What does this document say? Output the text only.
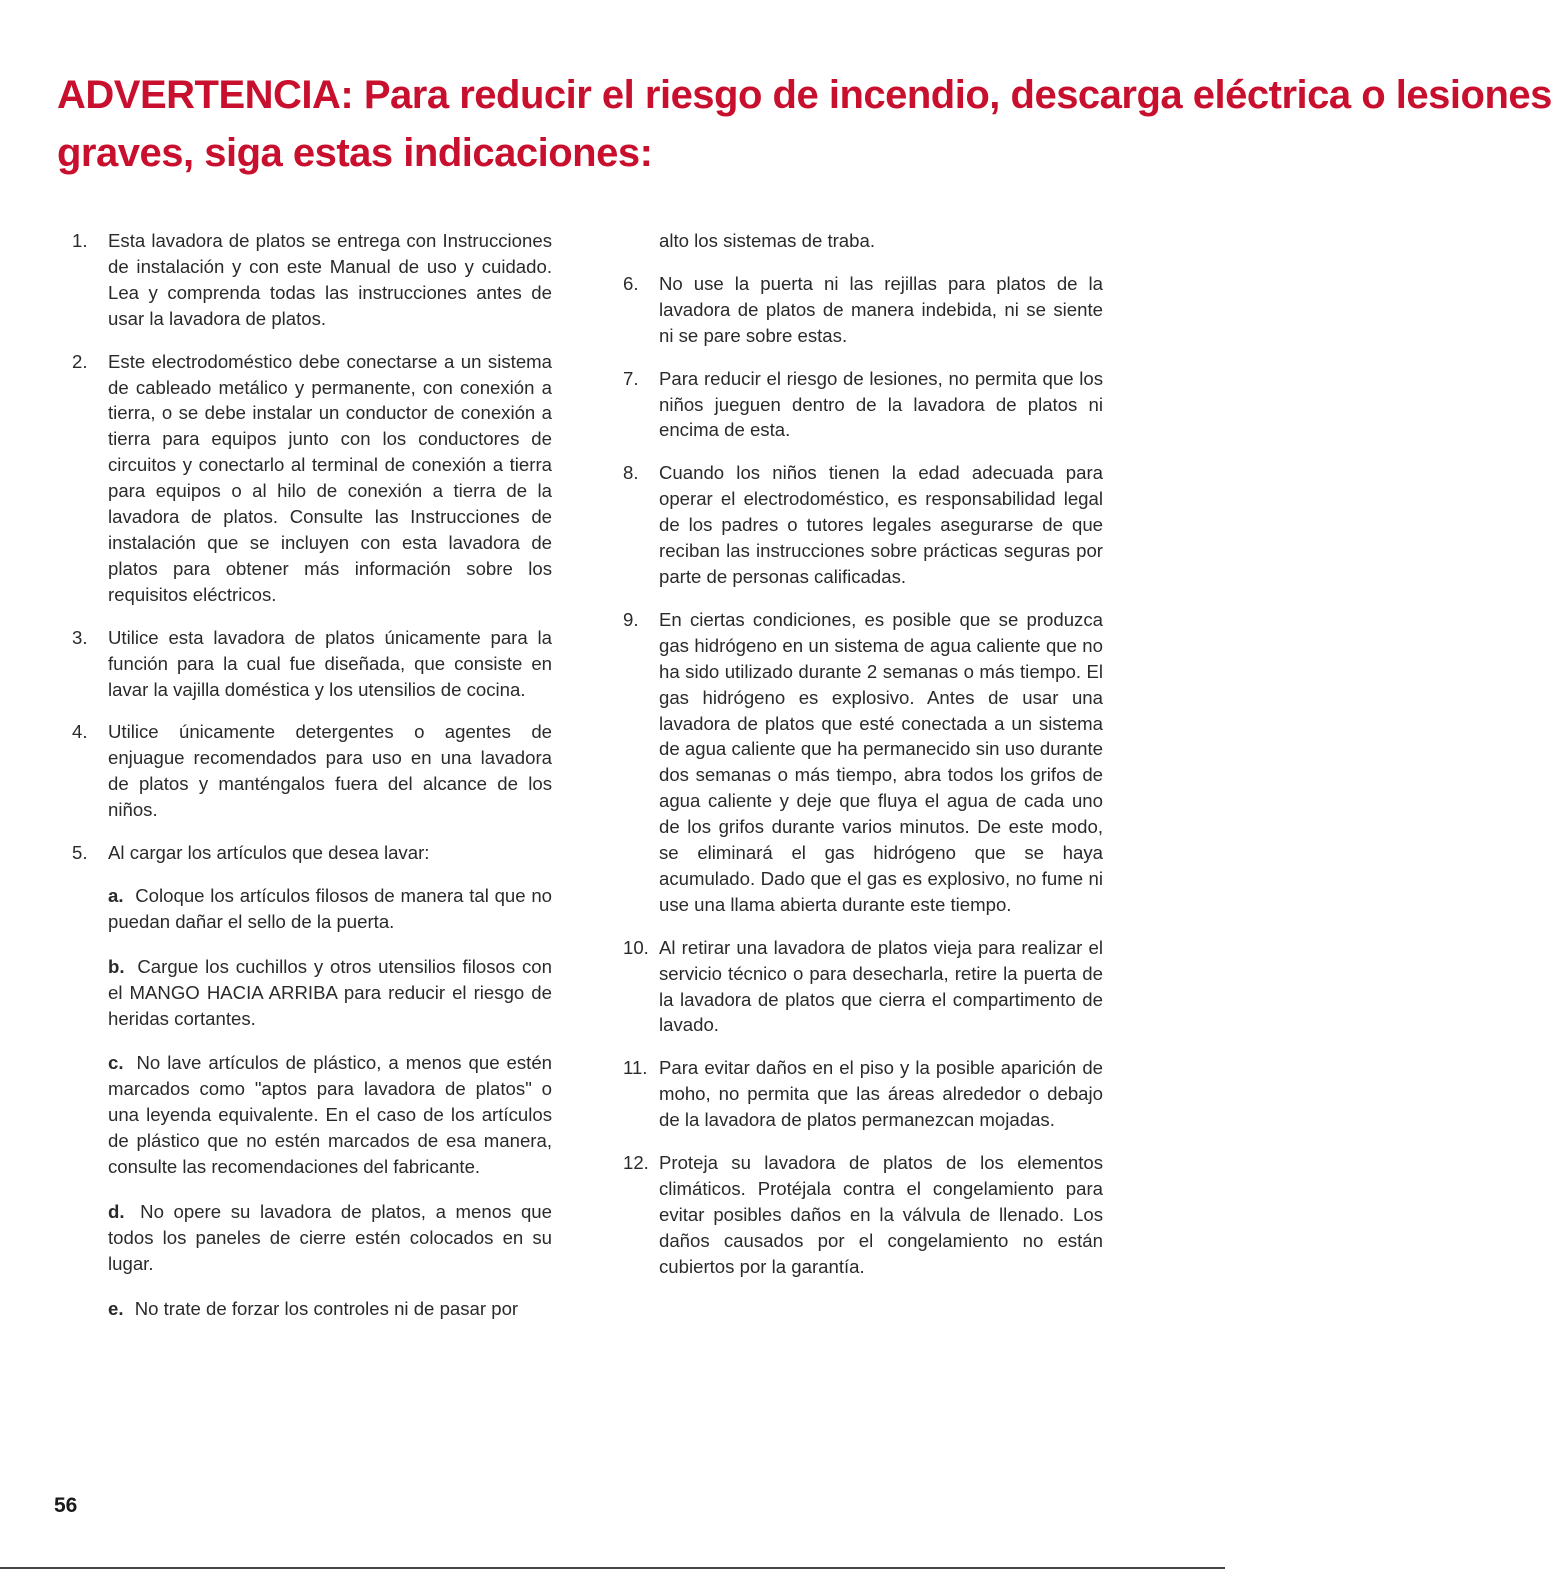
ADVERTENCIA: Para reducir el riesgo de incendio, descarga eléctrica o lesiones
graves, siga estas indicaciones:
1.	Esta lavadora de platos se entrega con Instrucciones de instalación y con este Manual de uso y cuidado. Lea y comprenda todas las instrucciones antes de usar la lavadora de platos.
2.	Este electrodoméstico debe conectarse a un sistema de cableado metálico y permanente, con conexión a tierra, o se debe instalar un conductor de conexión a tierra para equipos junto con los conductores de circuitos y conectarlo al terminal de conexión a tierra para equipos o al hilo de conexión a tierra de la lavadora de platos. Consulte las Instrucciones de instalación que se incluyen con esta lavadora de platos para obtener más información sobre los requisitos eléctricos.
3.	Utilice esta lavadora de platos únicamente para la función para la cual fue diseñada, que consiste en lavar la vajilla doméstica y los utensilios de cocina.
4.	Utilice únicamente detergentes o agentes de enjuague recomendados para uso en una lavadora de platos y manténgalos fuera del alcance de los niños.
5.	Al cargar los artículos que desea lavar:
a. Coloque los artículos filosos de manera tal que no puedan dañar el sello de la puerta.
b. Cargue los cuchillos y otros utensilios filosos con el MANGO HACIA ARRIBA para reducir el riesgo de heridas cortantes.
c. No lave artículos de plástico, a menos que estén marcados como "aptos para lavadora de platos" o una leyenda equivalente. En el caso de los artículos de plástico que no estén marcados de esa manera, consulte las recomendaciones del fabricante.
d. No opere su lavadora de platos, a menos que todos los paneles de cierre estén colocados en su lugar.
e. No trate de forzar los controles ni de pasar por
alto los sistemas de traba.
6.	No use la puerta ni las rejillas para platos de la lavadora de platos de manera indebida, ni se siente ni se pare sobre estas.
7.	Para reducir el riesgo de lesiones, no permita que los niños jueguen dentro de la lavadora de platos ni encima de esta.
8.	Cuando los niños tienen la edad adecuada para operar el electrodoméstico, es responsabilidad legal de los padres o tutores legales asegurarse de que reciban las instrucciones sobre prácticas seguras por parte de personas calificadas.
9.	En ciertas condiciones, es posible que se produzca gas hidrógeno en un sistema de agua caliente que no ha sido utilizado durante 2 semanas o más tiempo. El gas hidrógeno es explosivo. Antes de usar una lavadora de platos que esté conectada a un sistema de agua caliente que ha permanecido sin uso durante dos semanas o más tiempo, abra todos los grifos de agua caliente y deje que fluya el agua de cada uno de los grifos durante varios minutos. De este modo, se eliminará el gas hidrógeno que se haya acumulado. Dado que el gas es explosivo, no fume ni use una llama abierta durante este tiempo.
10. Al retirar una lavadora de platos vieja para realizar el servicio técnico o para desecharla, retire la puerta de la lavadora de platos que cierra el compartimento de lavado.
11. Para evitar daños en el piso y la posible aparición de moho, no permita que las áreas alrededor o debajo de la lavadora de platos permanezcan mojadas.
12. Proteja su lavadora de platos de los elementos climáticos. Protéjala contra el congelamiento para evitar posibles daños en la válvula de llenado. Los daños causados por el congelamiento no están cubiertos por la garantía.
56
